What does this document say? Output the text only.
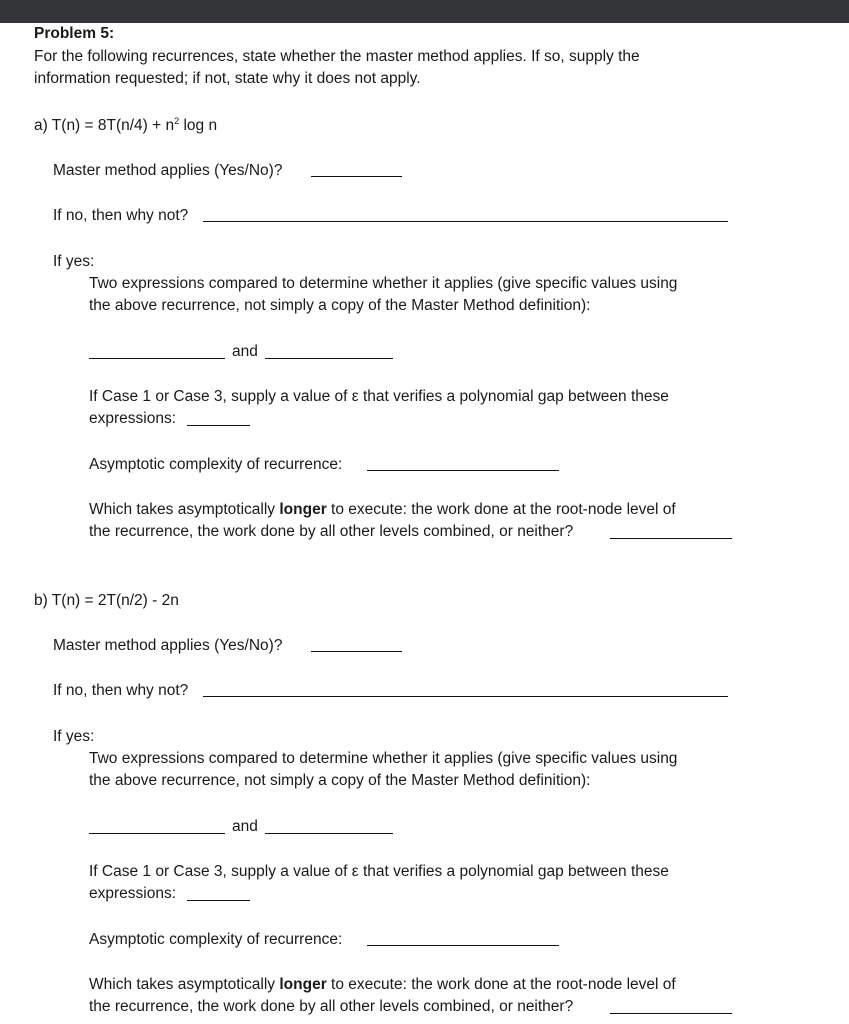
Problem 5:
For the following recurrences, state whether the master method applies. If so, supply the
information requested; if not, state why it does not apply.
a) $T(n) = 8T(n/4) + n^2$ log n
Master method applies (Yes/No)?
If no, then why not?
If yes:
Two expressions compared to determine whether it applies (give specific values using
the above recurrence, not simply a copy of the Master Method definition):
and
If Case 1 or Case 3, supply a value of ε that verifies a polynomial gap between these
expressions:
Asymptotic complexity of recurrence:
Which takes asymptotically longer to execute: the work done at the root-node level of
the recurrence, the work done by all other levels combined, or neither?
b) T(n) = 2T(n/2) - 2n
Master method applies (Yes/No)?
If no, then why not?
If yes:
Two expressions compared to determine whether it applies (give specific values using
the above recurrence, not simply a copy of the Master Method definition):
and
If Case 1 or Case 3, supply a value of ε that verifies a polynomial gap between these
expressions:
Asymptotic complexity of recurrence:
Which takes asymptotically longer to execute: the work done at the root-node level of
the recurrence, the work done by all other levels combined, or neither?
